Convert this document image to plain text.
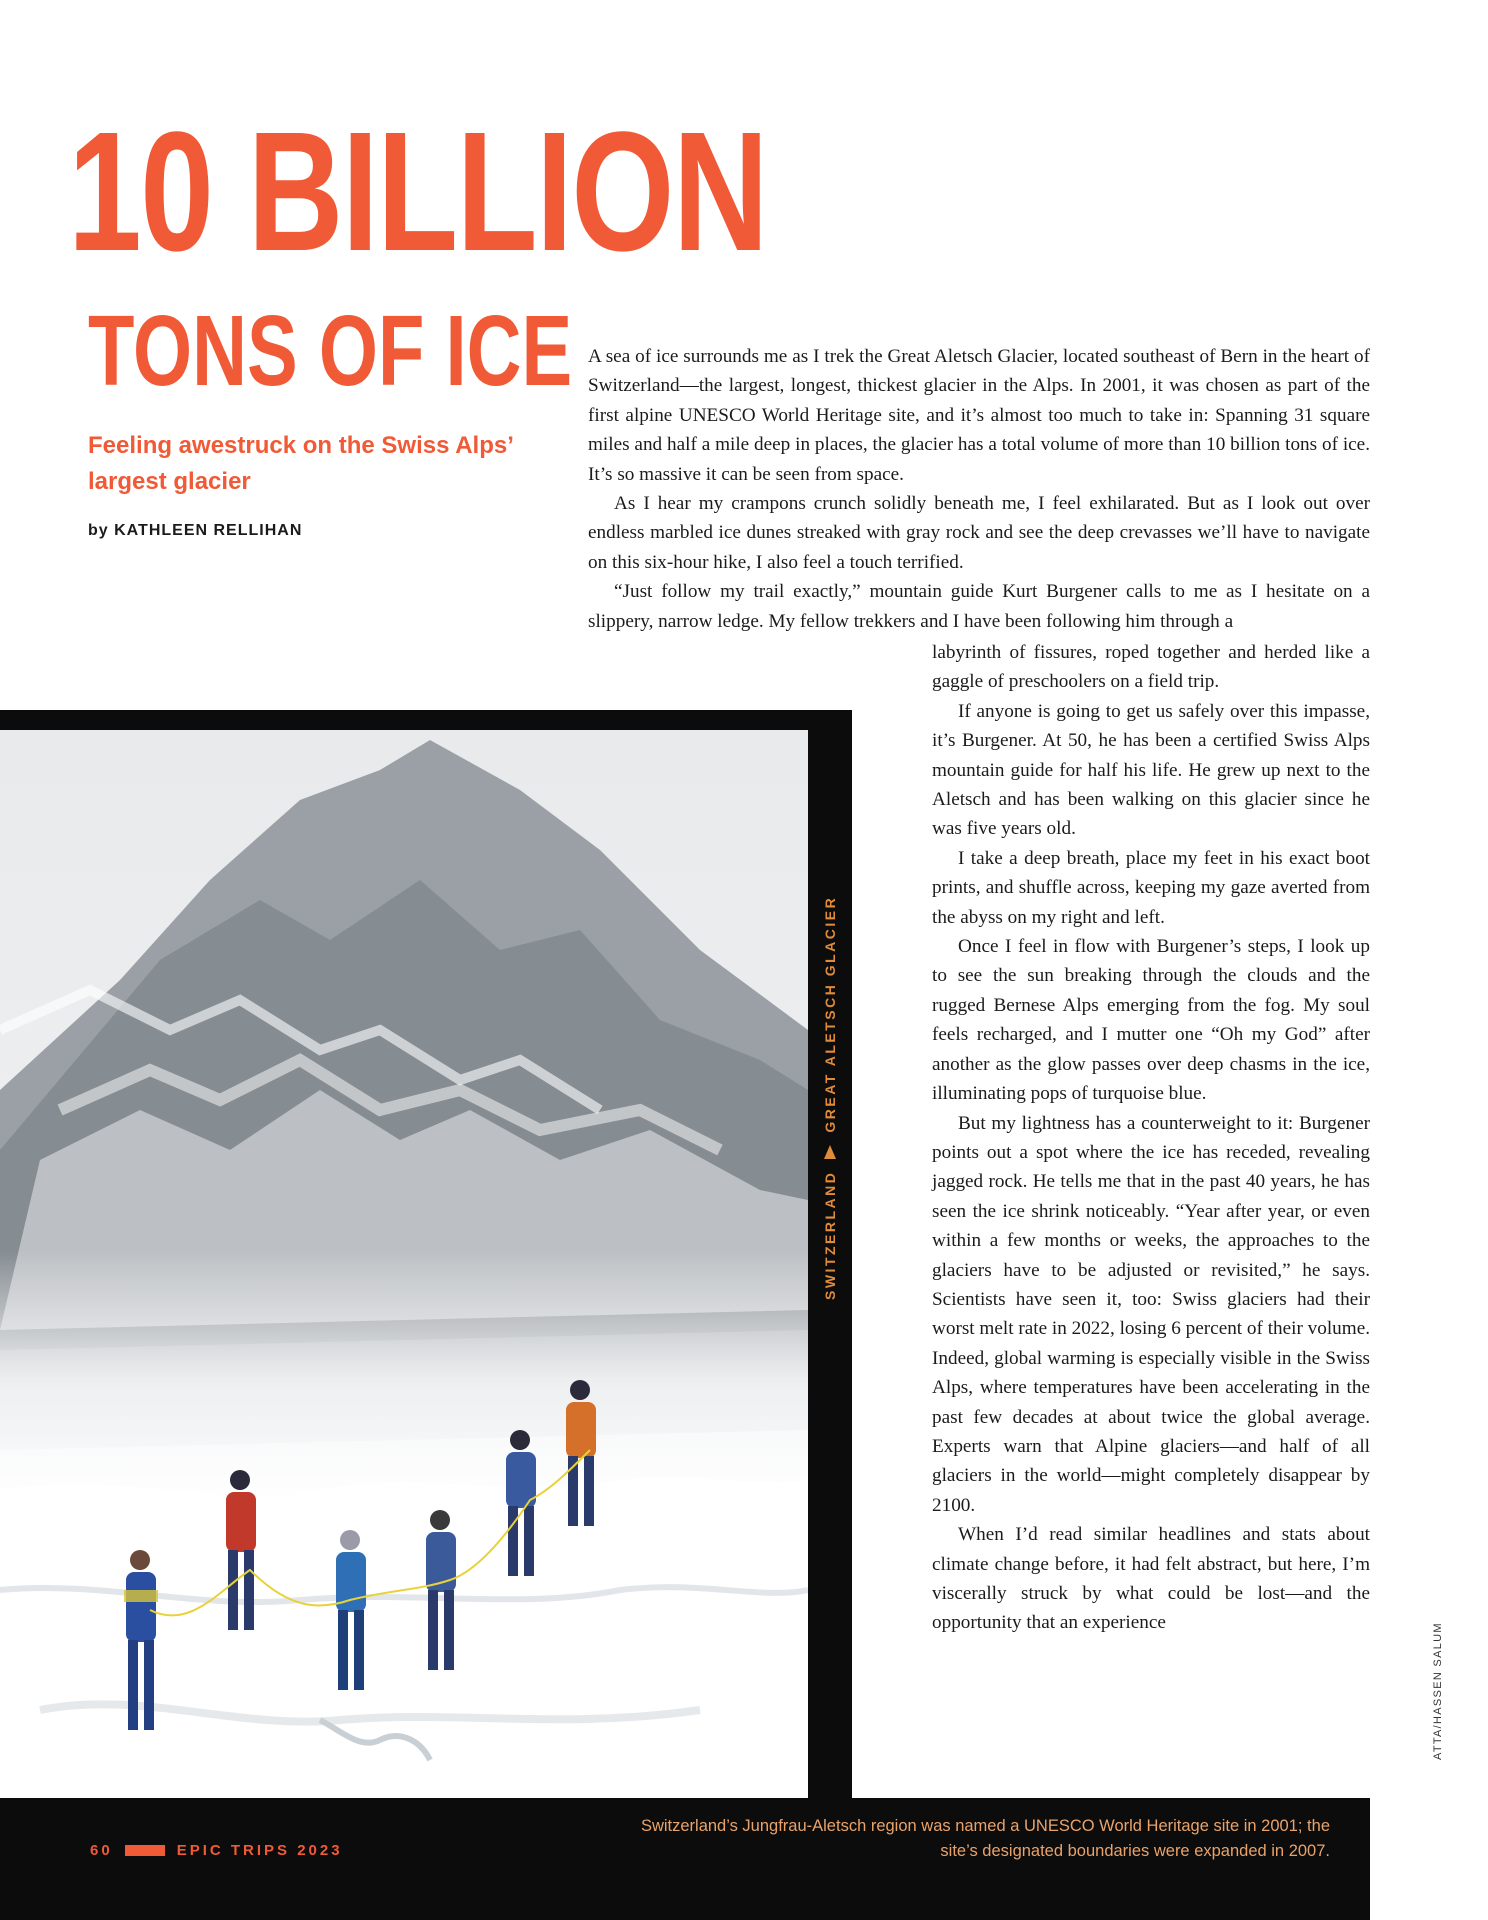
10 BILLION
TONS OF ICE
Feeling awestruck on the Swiss Alps’ largest glacier
by KATHLEEN RELLIHAN

A sea of ice surrounds me as I trek the Great Aletsch Glacier, located southeast of Bern in the heart of Switzerland—the largest, longest, thickest glacier in the Alps. In 2001, it was chosen as part of the first alpine UNESCO World Heritage site, and it’s almost too much to take in: Spanning 31 square miles and half a mile deep in places, the glacier has a total volume of more than 10 billion tons of ice. It’s so massive it can be seen from space.

As I hear my crampons crunch solidly beneath me, I feel exhilarated. But as I look out over endless marbled ice dunes streaked with gray rock and see the deep crevasses we’ll have to navigate on this six-hour hike, I also feel a touch terrified.

“Just follow my trail exactly,” mountain guide Kurt Burgener calls to me as I hesitate on a slippery, narrow ledge. My fellow trekkers and I have been following him through a

labyrinth of fissures, roped together and herded like a gaggle of preschoolers on a field trip.

If anyone is going to get us safely over this impasse, it’s Burgener. At 50, he has been a certified Swiss Alps mountain guide for half his life. He grew up next to the Aletsch and has been walking on this glacier since he was five years old.

I take a deep breath, place my feet in his exact boot prints, and shuffle across, keeping my gaze averted from the abyss on my right and left.

Once I feel in flow with Burgener’s steps, I look up to see the sun breaking through the clouds and the rugged Bernese Alps emerging from the fog. My soul feels recharged, and I mutter one “Oh my God” after another as the glow passes over deep chasms in the ice, illuminating pops of turquoise blue.

But my lightness has a counterweight to it: Burgener points out a spot where the ice has receded, revealing jagged rock. He tells me that in the past 40 years, he has seen the ice shrink noticeably. “Year after year, or even within a few months or weeks, the approaches to the glaciers have to be adjusted or revisited,” he says. Scientists have seen it, too: Swiss glaciers had their worst melt rate in 2022, losing 6 percent of their volume. Indeed, global warming is especially visible in the Swiss Alps, where temperatures have been accelerating in the past few decades at about twice the global average. Experts warn that Alpine glaciers—and half of all glaciers in the world—might completely disappear by 2100.

When I’d read similar headlines and stats about climate change before, it had felt abstract, but here, I’m viscerally struck by what could be lost—and the opportunity that an experience

SWITZERLAND
GREAT ALETSCH GLACIER
60	EPIC TRIPS 2023
Switzerland’s Jungfrau-Aletsch region was named a UNESCO World Heritage site in 2001; the site’s designated boundaries were expanded in 2007.
ATTA/HASSEN SALUM
